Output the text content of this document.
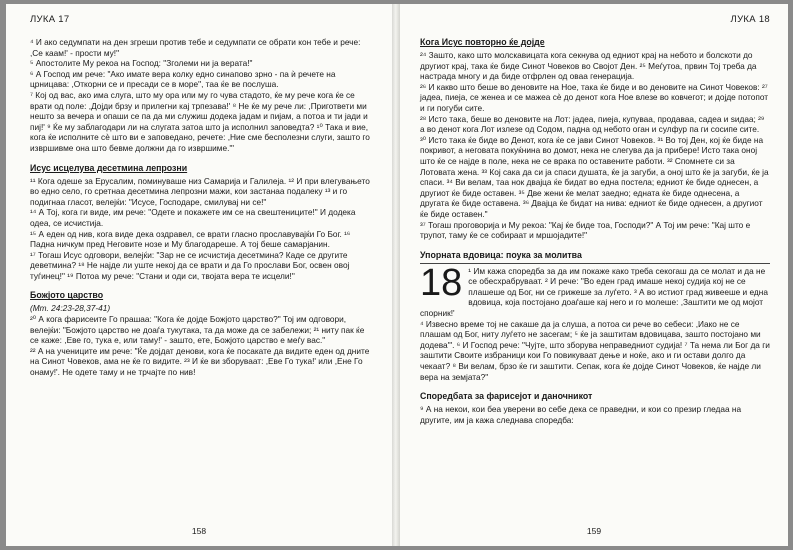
ЛУКА 17

⁴ И ако седумпати на ден згреши против тебе и седумпати се обрати кон тебе и рече: ,Се каам!' - прости му!"

⁵ Апостолите Му рекоа на Господ: "Зголеми ни ја верата!"

⁶ А Господ им рече: "Ако имате вера колку едно синапово зрно - па ѝ речете на црницава: ,Откорни се и пресади се в море", таа ќе ве послуша.

⁷ Кој од вас, ако има слуга, што му ора или му го чува стадото, ќе му рече кога ќе се врати од поле: ,Дојди брзу и прилегни кај трпезава!' ⁸ Не ќе му рече ли: ,Пригответи ми нешто за вечера и опаши се па да ми служиш додека јадам и пијам, а потоа и ти јади и пиј!' ⁹ Ќе му заблагодари ли на слугата затоа што ја исполнил заповедта? ¹⁰ Така и вие, кога ќе исполните сѐ што ви е заповедано, речете: ,Ние сме бесполезни слуги, зашто го извршивме она што бевме должни да го извршиме.'"

Исус исцелува десетмина лепрозни

¹¹ Кога одеше за Ерусалим, поминуваше низ Самарија и Галилеја. ¹² И при влегувањето во едно село, го сретнаа десетмина лепрозни мажи, кои застанаа подалеку ¹³ и го подигнаа гласот, велејќи: "Исусе, Господаре, смилувај ни се!"

¹⁴ А Тој, кога ги виде, им рече: "Одете и покажете им се на свештениците!" И додека одеа, се исчистија.

¹⁵ А еден од нив, кога виде дека оздравел, се врати гласно прославувајќи Го Бог. ¹⁶ Падна ничкум пред Неговите нозе и Му благодареше. А тој беше самарјанин.

¹⁷ Тогаш Исус одговори, велејќи: "Зар не се исчистија десетмина? Каде се другите деветмина? ¹⁸ Не најде ли уште некој да се врати и да Го прослави Бог, освен овој туѓинец!" ¹⁹ Потоа му рече: "Стани и оди си, твојата вера те исцели!"

Божјото царство
(Мт. 24:23-28,37-41)

²⁰ А кога фарисеите Го прашаа: "Кога ќе дојде Божјото царство?" Тој им одговори, велејќи: "Божјото царство не доаѓа тукутака, та да може да се забележи; ²¹ ниту пак ќе се каже: ,Еве го, тука е, или таму!' - зашто, ете, Божјото царство е меѓу вас."

²² А на учениците им рече: "Ќе дојдат денови, кога ќе посакате да видите еден од дните на Синот Човеков, ама не ќе го видите. ²³ И ќе ви зборуваат: ,Еве Го тука!' или ,Ене Го онаму!'. Не одете таму и не трчајте по нив!

158
ЛУКА 18
Кога Исус повторно ќе дојде

²⁴ Зашто, како што молскавицата кога секнува од едниот крај на небото и болскоти до другиот крај, така ќе биде Синот Човеков во Својот Ден. ²⁵ Меѓутоа, првин Тој треба да настрада многу и да биде отфрлен од оваа генерација.

²⁶ И какво што беше во деновите на Ное, така ќе биде и во деновите на Синот Човеков: ²⁷ јадеа, пиеја, се женеа и се мажеа сѐ до денот кога Ное влезе во ковчегот; и дојде потопот и ги погуби сите.

²⁸ Исто така, беше во деновите на Лот: јадеа, пиеја, купуваа, продаваа, садеа и ѕидаа; ²⁹ а во денот кога Лот излезе од Содом, падна од небото оган и сулфур па ги сосипе сите.

³⁰ Исто така ќе биде во Денот, кога ќе се јави Синот Човеков. ³¹ Во тој Ден, кој ќе биде на покривот, а неговата покуќнина во домот, нека не слегува да ја прибере! Исто така оној што ќе се најде в поле, нека не се врака по оставените работи. ³² Спомнете си за Лотовата жена. ³³ Кој сака да си ја спаси душата, ќе ја загуби, а оној што ќе ја загуби, ќе ја спаси. ³⁴ Ви велам, таа нок двајца ќе бидат во една постела; едниот ќе биде однесен, а другиот ќе биде оставен. ³⁵ Две жени ќе мелат заедно; едната ќе биде однесена, а другата ќе биде оставена. ³⁶ Двајца ќе бидат на нива: едниот ќе биде однесен, а другиот ќе биде оставен."

³⁷ Тогаш проговорија и Му рекоа: "Кај ќе биде тоа, Господи?" А Тој им рече: "Кај што е трупот, таму ќе се собираат и мршојадите!"

Упорната вдовица: поука за молитва
18 ¹ Им кажа споредба за да им покаже како треба секогаш да се молат и да не се обесхрабруваат. ² И рече: "Во еден град имаше некој судија кој не се плашеше од Бог, ни се грижеше за луѓето. ³ А во истиот град живееше и една вдовица, која постојано доаѓаше кај него и го молеше: ,Заштити ме од мојот спорник!'

⁴ Извесно време тој не сакаше да ја слуша, а потоа си рече во себеси: ,Иако не се плашам од Бог, ниту луѓето не засегам; ⁵ ќе ја заштитам вдовицава, зашто постојано ми додева'". ⁶ И Господ рече: "Чујте, што зборува неправедниот судија! ⁷ Та нема ли Бог да ги заштити Своите избраници кои Го повикуваат дење и ноќе, ако и ги остави долго да чекаат? ⁸ Ви велам, брзо ќе ги заштити. Сепак, кога ќе дојде Синот Човеков, ќе најде ли вера на земјата?"

Споредбата за фарисејот и даночникот

⁹ А на некои, кои беа уверени во себе дека се праведни, и кои со презир гледаа на другите, им ја кажа следнава споредба:

159
